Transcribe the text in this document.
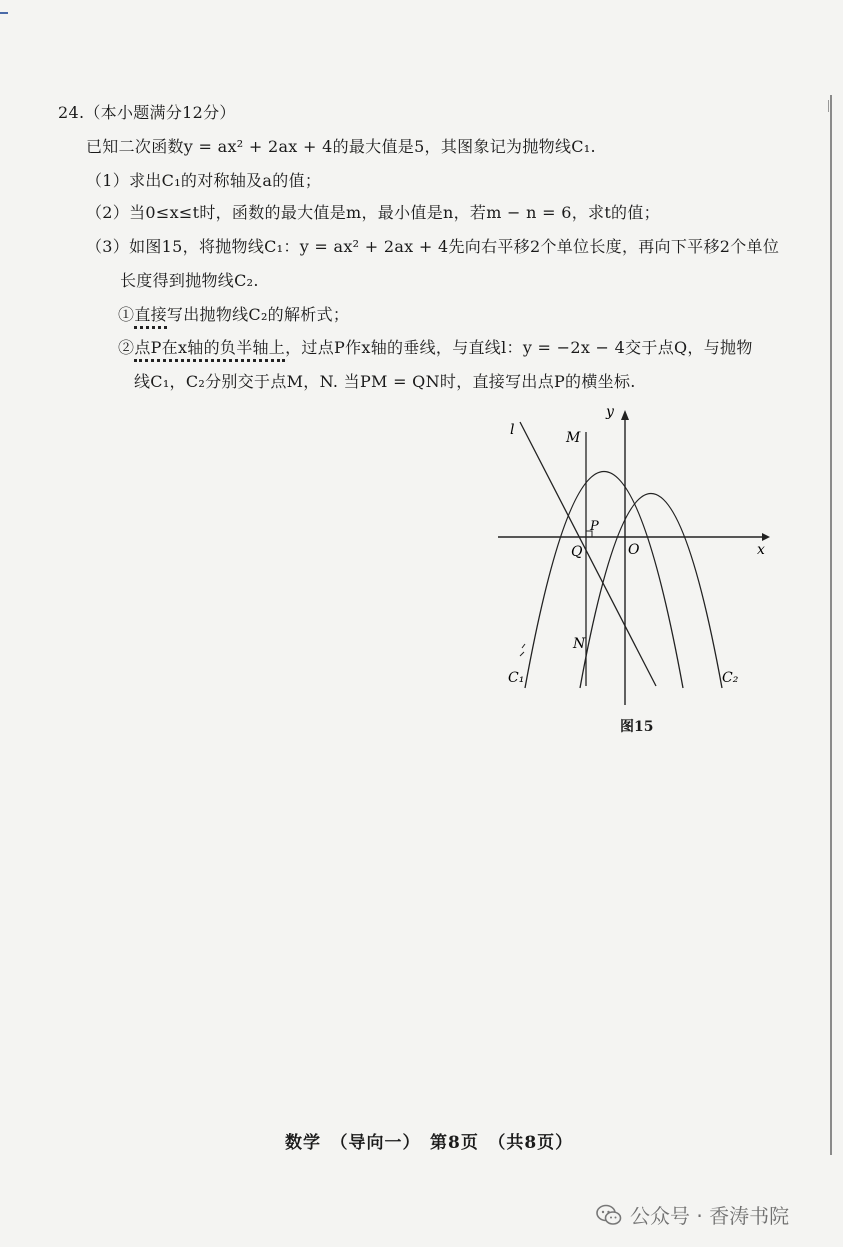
24.（本小题满分12分）
已知二次函数y = ax² + 2ax + 4的最大值是5，其图象记为抛物线C₁.
（1）求出C₁的对称轴及a的值；
（2）当0≤x≤t时，函数的最大值是m，最小值是n，若m − n = 6，求t的值；
（3）如图15，将抛物线C₁：y = ax² + 2ax + 4先向右平移2个单位长度，再向下平移2个单位
长度得到抛物线C₂.
①直接写出抛物线C₂的解析式；
②点P在x轴的负半轴上，过点P作x轴的垂线，与直线l：y = −2x − 4交于点Q，与抛物
线C₁，C₂分别交于点M，N. 当PM = QN时，直接写出点P的横坐标.
y
x
l	M
P
Q	O
N
C₁	C₂
图15
数学　（导向一）　第8页　（共8页）
公众号 · 香涛书院
